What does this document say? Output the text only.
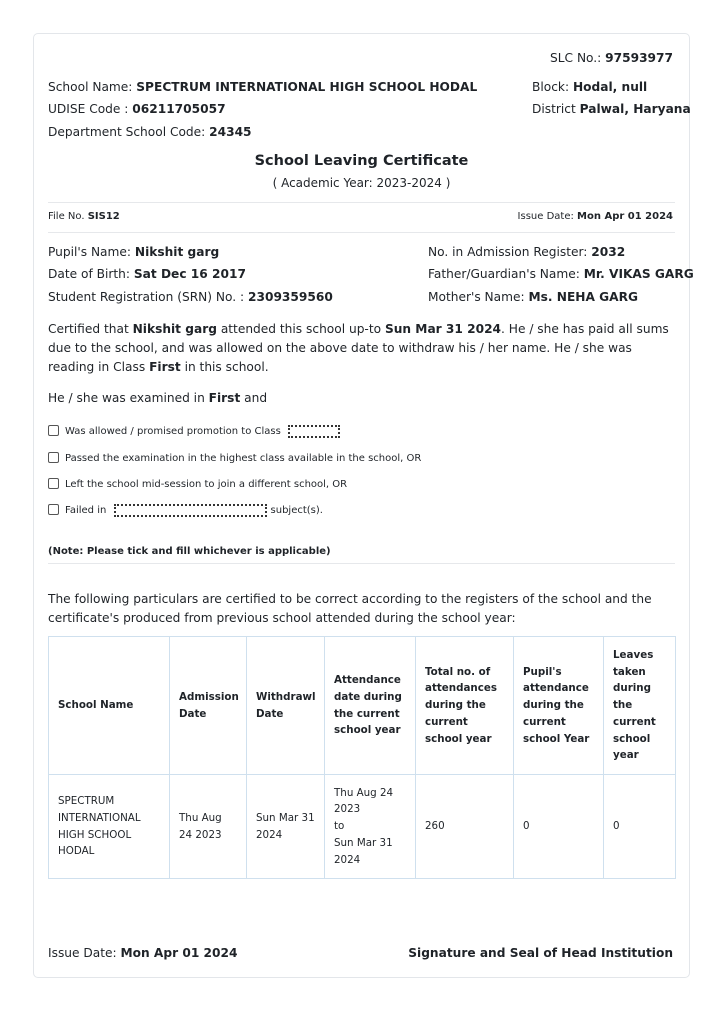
SLC No.: 97593977
School Name: SPECTRUM INTERNATIONAL HIGH SCHOOL HODAL
UDISE Code : 06211705057
Department School Code: 24345
Block: Hodal, null
District Palwal, Haryana
School Leaving Certificate
( Academic Year: 2023-2024 )
File No. SIS12	Issue Date: Mon Apr 01 2024
Pupil's Name: Nikshit garg
Date of Birth: Sat Dec 16 2017
Student Registration (SRN) No. : 2309359560
No. in Admission Register: 2032
Father/Guardian's Name: Mr. VIKAS GARG
Mother's Name: Ms. NEHA GARG
Certified that Nikshit garg attended this school up-to Sun Mar 31 2024. He / she has paid all sums due to the school, and was allowed on the above date to withdraw his / her name. He / she was reading in Class First in this school.
He / she was examined in First and
Was allowed / promised promotion to Class
Passed the examination in the highest class available in the school, OR
Left the school mid-session to join a different school, OR
Failed in	subject(s).
(Note: Please tick and fill whichever is applicable)
The following particulars are certified to be correct according to the registers of the school and the certificate's produced from previous school attended during the school year:
School Name	Admission Date	Withdrawl Date	Attendance date during the current school year	Total no. of attendances during the current school year	Pupil's attendance during the current school Year	Leaves taken during the current school year
SPECTRUM INTERNATIONAL HIGH SCHOOL HODAL	Thu Aug 24 2023	Sun Mar 31 2024	Thu Aug 24 2023
to
Sun Mar 31 2024	260	0	0
Issue Date: Mon Apr 01 2024	Signature and Seal of Head Institution
